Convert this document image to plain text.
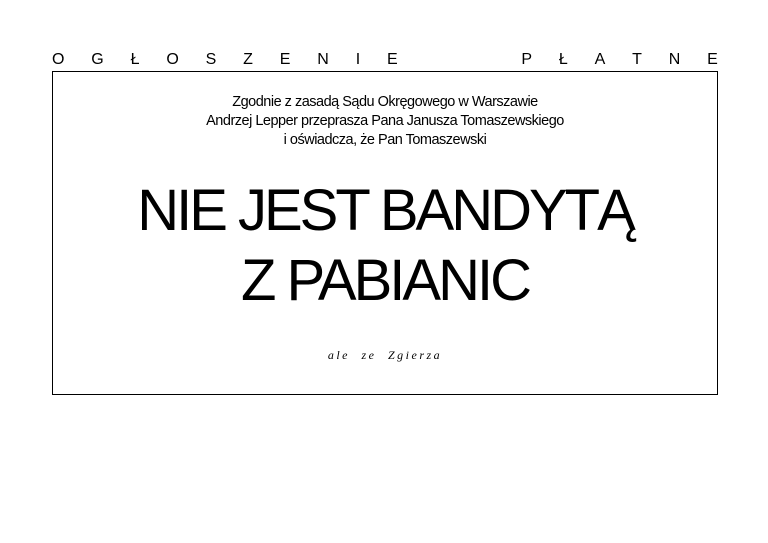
O G Ł O S Z E N I E	P Ł A T N E
Zgodnie z zasadą Sądu Okręgowego w Warszawie
Andrzej Lepper przeprasza Pana Janusza Tomaszewskiego
i oświadcza, że Pan Tomaszewski
NIE JEST BANDYTĄ
Z PABIANIC
ale ze Zgierza
